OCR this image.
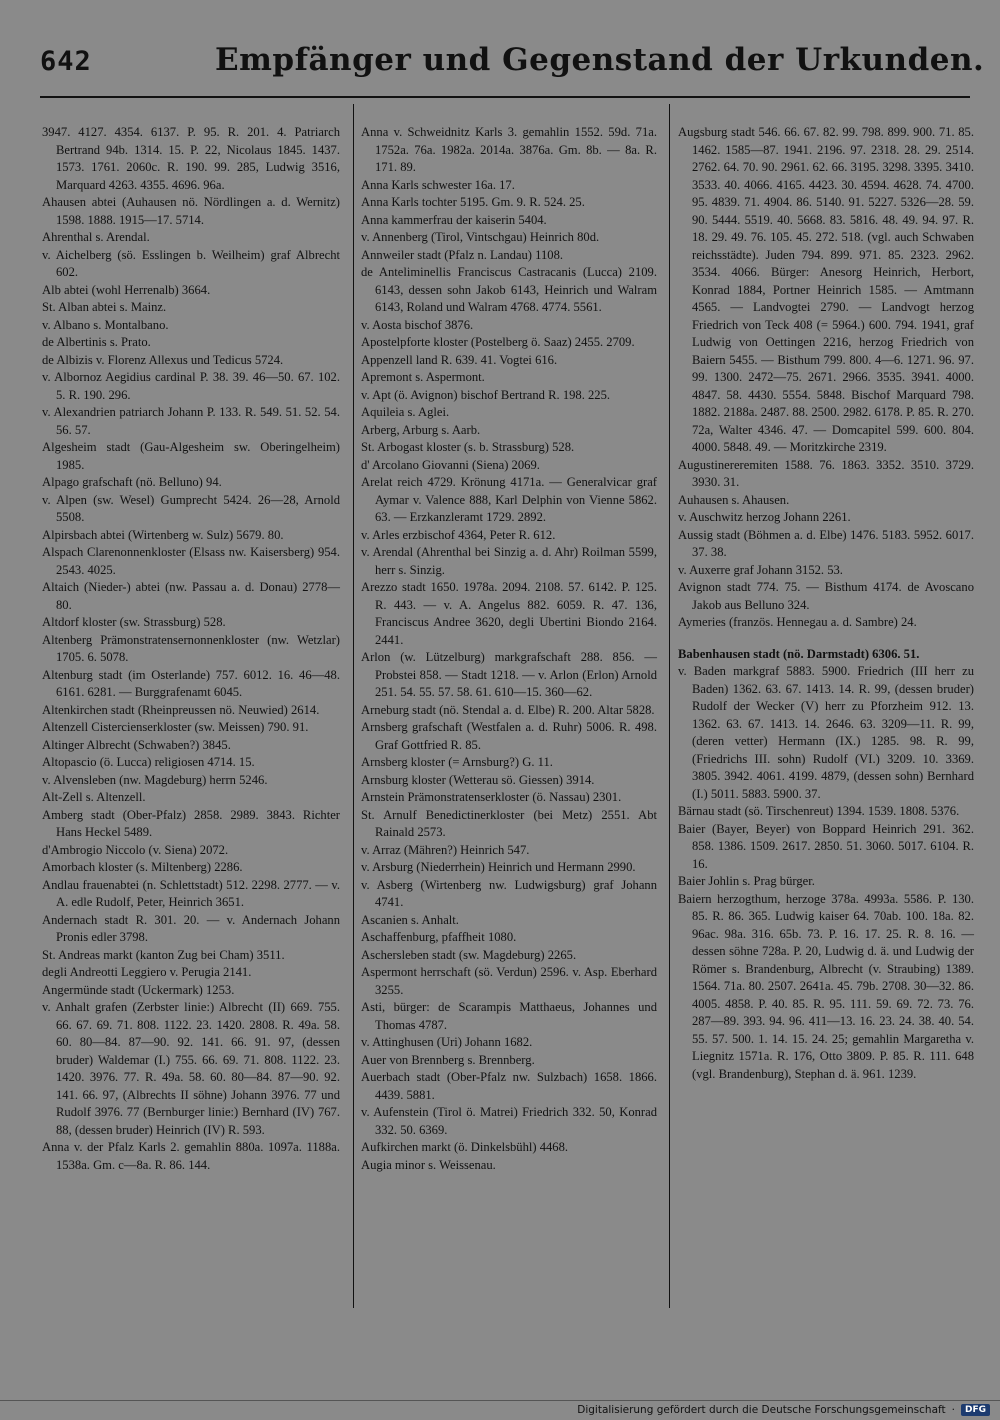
642	Empfänger und Gegenstand der Urkunden.

3947. 4127. 4354. 6137. P. 95. R. 201. 4. Patriarch Bertrand 94b. 1314. 15. P. 22, Nicolaus 1845. 1437. 1573. 1761. 2060c. R. 190. 99. 285, Ludwig 3516, Marquard 4263. 4355. 4696. 96a.

Ahausen abtei (Auhausen nö. Nördlingen a. d. Wernitz) 1598. 1888. 1915—17. 5714.

Ahrenthal s. Arendal.

v. Aichelberg (sö. Esslingen b. Weilheim) graf Albrecht 602.

Alb abtei (wohl Herrenalb) 3664.

St. Alban abtei s. Mainz.

v. Albano s. Montalbano.

de Albertinis s. Prato.

de Albizis v. Florenz Allexus und Tedicus 5724.

v. Albornoz Aegidius cardinal P. 38. 39. 46—50. 67. 102. 5. R. 190. 296.

v. Alexandrien patriarch Johann P. 133. R. 549. 51. 52. 54. 56. 57.

Algesheim stadt (Gau-Algesheim sw. Oberingelheim) 1985.

Alpago grafschaft (nö. Belluno) 94.

v. Alpen (sw. Wesel) Gumprecht 5424. 26—28, Arnold 5508.

Alpirsbach abtei (Wirtenberg w. Sulz) 5679. 80.

Alspach Clarenonnenkloster (Elsass nw. Kaisersberg) 954. 2543. 4025.

Altaich (Nieder-) abtei (nw. Passau a. d. Donau) 2778—80.

Altdorf kloster (sw. Strassburg) 528.

Altenberg Prämonstratensernonnenkloster (nw. Wetzlar) 1705. 6. 5078.

Altenburg stadt (im Osterlande) 757. 6012. 16. 46—48. 6161. 6281. — Burggrafenamt 6045.

Altenkirchen stadt (Rheinpreussen nö. Neuwied) 2614.

Altenzell Cistercienserkloster (sw. Meissen) 790. 91.

Altinger Albrecht (Schwaben?) 3845.

Altopascio (ö. Lucca) religiosen 4714. 15.

v. Alvensleben (nw. Magdeburg) herrn 5246.

Alt-Zell s. Altenzell.

Amberg stadt (Ober-Pfalz) 2858. 2989. 3843. Richter Hans Heckel 5489.

d'Ambrogio Niccolo (v. Siena) 2072.

Amorbach kloster (s. Miltenberg) 2286.

Andlau frauenabtei (n. Schlettstadt) 512. 2298. 2777. — v. A. edle Rudolf, Peter, Heinrich 3651.

Andernach stadt R. 301. 20. — v. Andernach Johann Pronis edler 3798.

St. Andreas markt (kanton Zug bei Cham) 3511.

degli Andreotti Leggiero v. Perugia 2141.

Angermünde stadt (Uckermark) 1253.

v. Anhalt grafen (Zerbster linie:) Albrecht (II) 669. 755. 66. 67. 69. 71. 808. 1122. 23. 1420. 2808. R. 49a. 58. 60. 80—84. 87—90. 92. 141. 66. 91. 97, (dessen bruder) Waldemar (I.) 755. 66. 69. 71. 808. 1122. 23. 1420. 3976. 77. R. 49a. 58. 60. 80—84. 87—90. 92. 141. 66. 97, (Albrechts II söhne) Johann 3976. 77 und Rudolf 3976. 77 (Bernburger linie:) Bernhard (IV) 767. 88, (dessen bruder) Heinrich (IV) R. 593.

Anna v. der Pfalz Karls 2. gemahlin 880a. 1097a. 1188a. 1538a. Gm. c—8a. R. 86. 144.

Anna v. Schweidnitz Karls 3. gemahlin 1552. 59d. 71a. 1752a. 76a. 1982a. 2014a. 3876a. Gm. 8b. — 8a. R. 171. 89.

Anna Karls schwester 16a. 17.

Anna Karls tochter 5195. Gm. 9. R. 524. 25.

Anna kammerfrau der kaiserin 5404.

v. Annenberg (Tirol, Vintschgau) Heinrich 80d.

Annweiler stadt (Pfalz n. Landau) 1108.

de Anteliminellis Franciscus Castracanis (Lucca) 2109. 6143, dessen sohn Jakob 6143, Heinrich und Walram 6143, Roland und Walram 4768. 4774. 5561.

v. Aosta bischof 3876.

Apostelpforte kloster (Postelberg ö. Saaz) 2455. 2709.

Appenzell land R. 639. 41. Vogtei 616.

Apremont s. Aspermont.

v. Apt (ö. Avignon) bischof Bertrand R. 198. 225.

Aquileia s. Aglei.

Arberg, Arburg s. Aarb.

St. Arbogast kloster (s. b. Strassburg) 528.

d' Arcolano Giovanni (Siena) 2069.

Arelat reich 4729. Krönung 4171a. — Generalvicar graf Aymar v. Valence 888, Karl Delphin von Vienne 5862. 63. — Erzkanzleramt 1729. 2892.

v. Arles erzbischof 4364, Peter R. 612.

v. Arendal (Ahrenthal bei Sinzig a. d. Ahr) Roilman 5599, herr s. Sinzig.

Arezzo stadt 1650. 1978a. 2094. 2108. 57. 6142. P. 125. R. 443. — v. A. Angelus 882. 6059. R. 47. 136, Franciscus Andree 3620, degli Ubertini Biondo 2164. 2441.

Arlon (w. Lützelburg) markgrafschaft 288. 856. — Probstei 858. — Stadt 1218. — v. Arlon (Erlon) Arnold 251. 54. 55. 57. 58. 61. 610—15. 360—62.

Arneburg stadt (nö. Stendal a. d. Elbe) R. 200. Altar 5828.

Arnsberg grafschaft (Westfalen a. d. Ruhr) 5006. R. 498. Graf Gottfried R. 85.

Arnsberg kloster (= Arnsburg?) G. 11.

Arnsburg kloster (Wetterau sö. Giessen) 3914.

Arnstein Prämonstratenserkloster (ö. Nassau) 2301.

St. Arnulf Benedictinerkloster (bei Metz) 2551. Abt Rainald 2573.

v. Arraz (Mähren?) Heinrich 547.

v. Arsburg (Niederrhein) Heinrich und Hermann 2990.

v. Asberg (Wirtenberg nw. Ludwigsburg) graf Johann 4741.

Ascanien s. Anhalt.

Aschaffenburg, pfaffheit 1080.

Aschersleben stadt (sw. Magdeburg) 2265.

Aspermont herrschaft (sö. Verdun) 2596. v. Asp. Eberhard 3255.

Asti, bürger: de Scarampis Matthaeus, Johannes und Thomas 4787.

v. Attinghusen (Uri) Johann 1682.

Auer von Brennberg s. Brennberg.

Auerbach stadt (Ober-Pfalz nw. Sulzbach) 1658. 1866. 4439. 5881.

v. Aufenstein (Tirol ö. Matrei) Friedrich 332. 50, Konrad 332. 50. 6369.

Aufkirchen markt (ö. Dinkelsbühl) 4468.

Augia minor s. Weissenau.

Augsburg stadt 546. 66. 67. 82. 99. 798. 899. 900. 71. 85. 1462. 1585—87. 1941. 2196. 97. 2318. 28. 29. 2514. 2762. 64. 70. 90. 2961. 62. 66. 3195. 3298. 3395. 3410. 3533. 40. 4066. 4165. 4423. 30. 4594. 4628. 74. 4700. 95. 4839. 71. 4904. 86. 5140. 91. 5227. 5326—28. 59. 90. 5444. 5519. 40. 5668. 83. 5816. 48. 49. 94. 97. R. 18. 29. 49. 76. 105. 45. 272. 518. (vgl. auch Schwaben reichsstädte). Juden 794. 899. 971. 85. 2323. 2962. 3534. 4066. Bürger: Anesorg Heinrich, Herbort, Konrad 1884, Portner Heinrich 1585. — Amtmann 4565. — Landvogtei 2790. — Landvogt herzog Friedrich von Teck 408 (= 5964.) 600. 794. 1941, graf Ludwig von Oettingen 2216, herzog Friedrich von Baiern 5455. — Bisthum 799. 800. 4—6. 1271. 96. 97. 99. 1300. 2472—75. 2671. 2966. 3535. 3941. 4000. 4847. 58. 4430. 5554. 5848. Bischof Marquard 798. 1882. 2188a. 2487. 88. 2500. 2982. 6178. P. 85. R. 270. 72a, Walter 4346. 47. — Domcapitel 599. 600. 804. 4000. 5848. 49. — Moritzkirche 2319.

Augustinereremiten 1588. 76. 1863. 3352. 3510. 3729. 3930. 31.

Auhausen s. Ahausen.

v. Auschwitz herzog Johann 2261.

Aussig stadt (Böhmen a. d. Elbe) 1476. 5183. 5952. 6017. 37. 38.

v. Auxerre graf Johann 3152. 53.

Avignon stadt 774. 75. — Bisthum 4174. de Avoscano Jakob aus Belluno 324.

Aymeries (französ. Hennegau a. d. Sambre) 24.

Babenhausen stadt (nö. Darmstadt) 6306. 51.

v. Baden markgraf 5883. 5900. Friedrich (III herr zu Baden) 1362. 63. 67. 1413. 14. R. 99, (dessen bruder) Rudolf der Wecker (V) herr zu Pforzheim 912. 13. 1362. 63. 67. 1413. 14. 2646. 63. 3209—11. R. 99, (deren vetter) Hermann (IX.) 1285. 98. R. 99, (Friedrichs III. sohn) Rudolf (VI.) 3209. 10. 3369. 3805. 3942. 4061. 4199. 4879, (dessen sohn) Bernhard (I.) 5011. 5883. 5900. 37.

Bärnau stadt (sö. Tirschenreut) 1394. 1539. 1808. 5376.

Baier (Bayer, Beyer) von Boppard Heinrich 291. 362. 858. 1386. 1509. 2617. 2850. 51. 3060. 5017. 6104. R. 16.

Baier Johlin s. Prag bürger.

Baiern herzogthum, herzoge 378a. 4993a. 5586. P. 130. 85. R. 86. 365. Ludwig kaiser 64. 70ab. 100. 18a. 82. 96ac. 98a. 316. 65b. 73. P. 16. 17. 25. R. 8. 16. — dessen söhne 728a. P. 20, Ludwig d. ä. und Ludwig der Römer s. Brandenburg, Albrecht (v. Straubing) 1389. 1564. 71a. 80. 2507. 2641a. 45. 79b. 2708. 30—32. 86. 4005. 4858. P. 40. 85. R. 95. 111. 59. 69. 72. 73. 76. 287—89. 393. 94. 96. 411—13. 16. 23. 24. 38. 40. 54. 55. 57. 500. 1. 14. 15. 24. 25; gemahlin Margaretha v. Liegnitz 1571a. R. 176, Otto 3809. P. 85. R. 111. 648 (vgl. Brandenburg), Stephan d. ä. 961. 1239.

Digitalisierung gefördert durch die Deutsche Forschungsgemeinschaft ·	DFG
